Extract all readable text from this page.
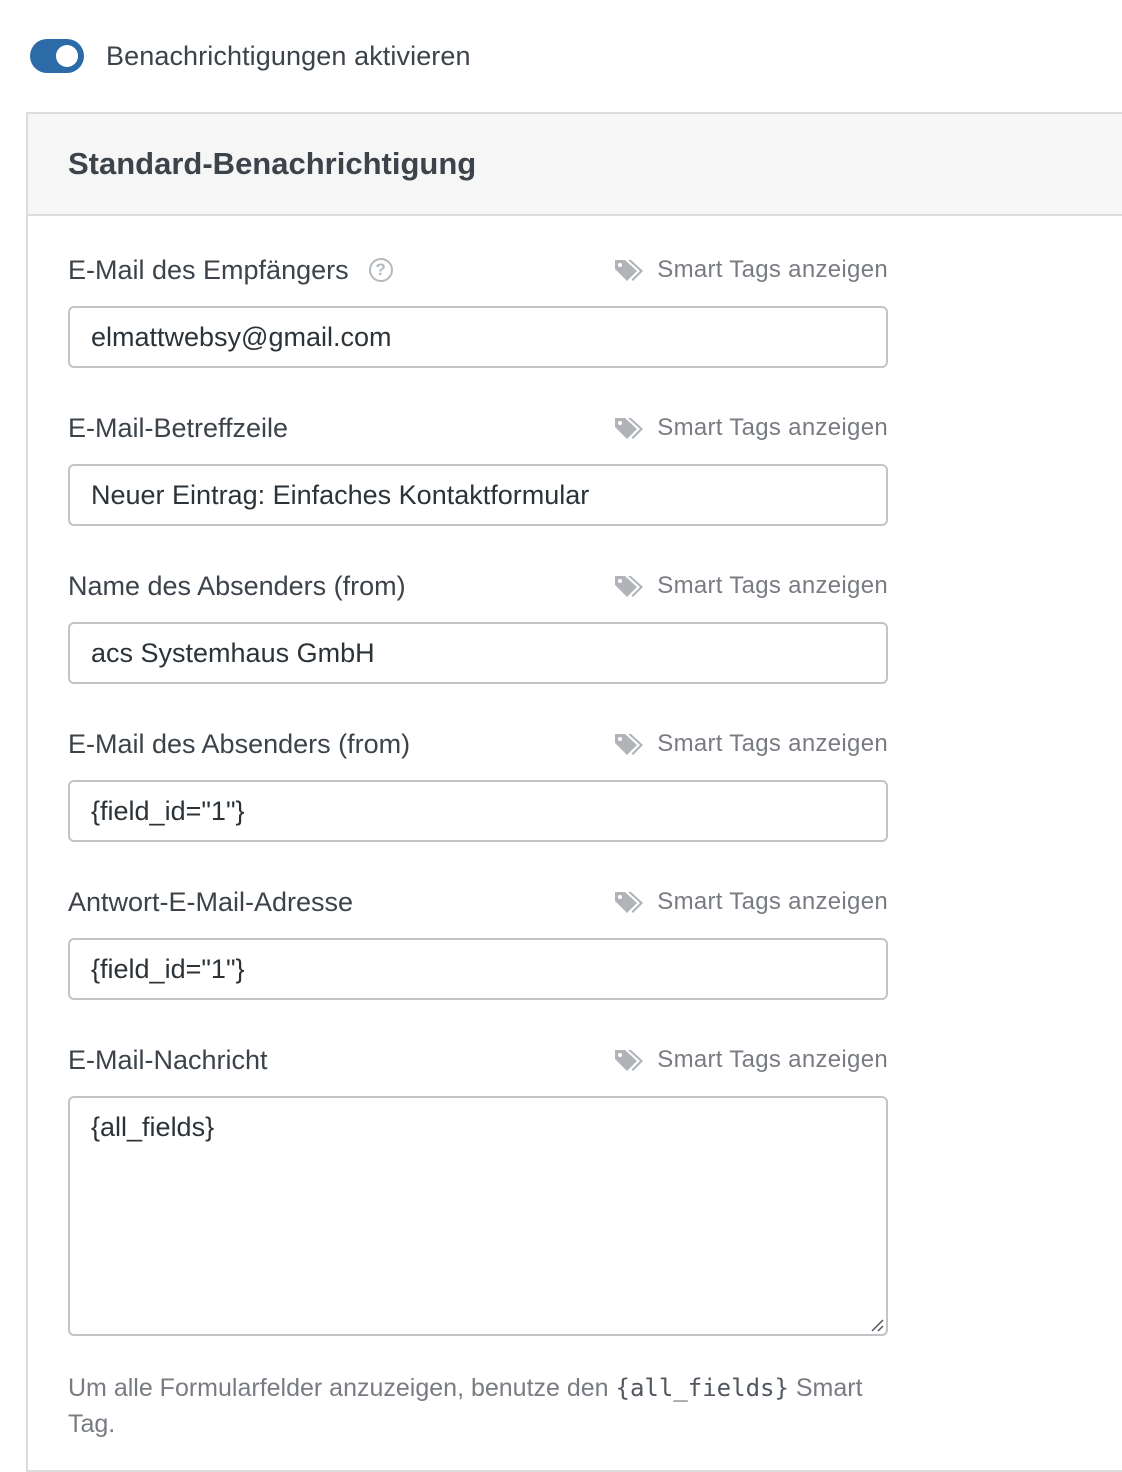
Benachrichtigungen aktivieren
Standard-Benachrichtigung
E-Mail des Empfängers	?	Smart Tags anzeigen
elmattwebsy@gmail.com
E-Mail-Betreffzeile	Smart Tags anzeigen
Neuer Eintrag: Einfaches Kontaktformular
Name des Absenders (from)	Smart Tags anzeigen
acs Systemhaus GmbH
E-Mail des Absenders (from)	Smart Tags anzeigen
{field_id="1"}
Antwort-E-Mail-Adresse	Smart Tags anzeigen
{field_id="1"}
E-Mail-Nachricht	Smart Tags anzeigen
{all_fields}
Um alle Formularfelder anzuzeigen, benutze den {all_fields} Smart Tag.
